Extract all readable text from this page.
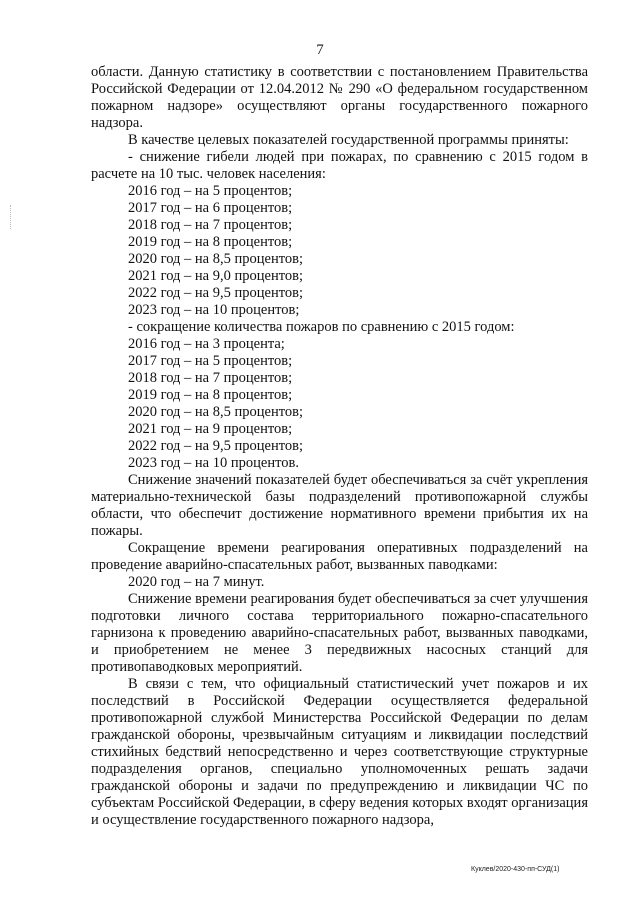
7

области. Данную статистику в соответствии с постановлением Правительства Российской Федерации от 12.04.2012 № 290 «О федеральном государственном пожарном надзоре» осуществляют органы государственного пожарного надзора.

В качестве целевых показателей государственной программы приняты:

- снижение гибели людей при пожарах, по сравнению с 2015 годом в расчете на 10 тыс. человек населения:

2016 год – на 5 процентов;

2017 год – на 6 процентов;

2018 год – на 7 процентов;

2019 год – на 8 процентов;

2020 год – на 8,5 процентов;

2021 год – на 9,0 процентов;

2022 год – на 9,5 процентов;

2023 год – на 10 процентов;

- сокращение количества пожаров по сравнению с 2015 годом:

2016 год – на 3 процента;

2017 год – на 5 процентов;

2018 год – на 7 процентов;

2019 год – на 8 процентов;

2020 год – на 8,5 процентов;

2021 год – на 9 процентов;

2022 год – на 9,5 процентов;

2023 год – на 10 процентов.

Снижение значений показателей будет обеспечиваться за счёт укрепления материально-технической базы подразделений противопожарной службы области, что обеспечит достижение нормативного времени прибытия их на пожары.

Сокращение времени реагирования оперативных подразделений на проведение аварийно-спасательных работ, вызванных паводками:

2020 год – на 7 минут.

Снижение времени реагирования будет обеспечиваться за счет улучшения подготовки личного состава территориального пожарно-спасательного гарнизона к проведению аварийно-спасательных работ, вызванных паводками, и приобретением не менее 3 передвижных насосных станций для противопаводковых мероприятий.

В связи с тем, что официальный статистический учет пожаров и их последствий в Российской Федерации осуществляется федеральной противопожарной службой Министерства Российской Федерации по делам гражданской обороны, чрезвычайным ситуациям и ликвидации последствий стихийных бедствий непосредственно и через соответствующие структурные подразделения органов, специально уполномоченных решать задачи гражданской обороны и задачи по предупреждению и ликвидации ЧС по субъектам Российской Федерации, в сферу ведения которых входят организация и осуществление государственного пожарного надзора,

Куклев/2020-430-пп-СУД(1)
